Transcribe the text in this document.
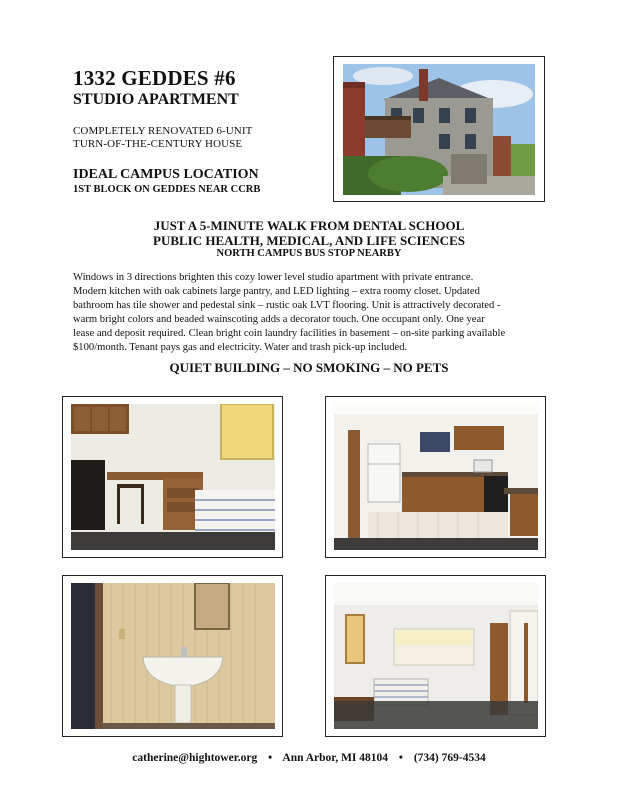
1332 GEDDES #6
STUDIO APARTMENT
COMPLETELY RENOVATED 6-UNIT
TURN-OF-THE-CENTURY HOUSE
IDEAL CAMPUS LOCATION
1ST BLOCK ON GEDDES NEAR CCRB
JUST A 5-MINUTE WALK FROM DENTAL SCHOOL
PUBLIC HEALTH, MEDICAL, AND LIFE SCIENCES
NORTH CAMPUS BUS STOP NEARBY

Windows in 3 directions brighten this cozy lower level studio apartment with private entrance.

Modern kitchen with oak cabinets large pantry, and LED lighting – extra roomy closet. Updated

bathroom has tile shower and pedestal sink – rustic oak LVT flooring. Unit is attractively decorated -

warm bright colors and beaded wainscoting adds a decorator touch. One occupant only. One year

lease and deposit required. Clean bright coin laundry facilities in basement – on-site parking available

$100/month. Tenant pays gas and electricity. Water and trash pick-up included.

QUIET BUILDING – NO SMOKING – NO PETS
catherine@hightower.org • Ann Arbor, MI 48104 • (734) 769-4534
